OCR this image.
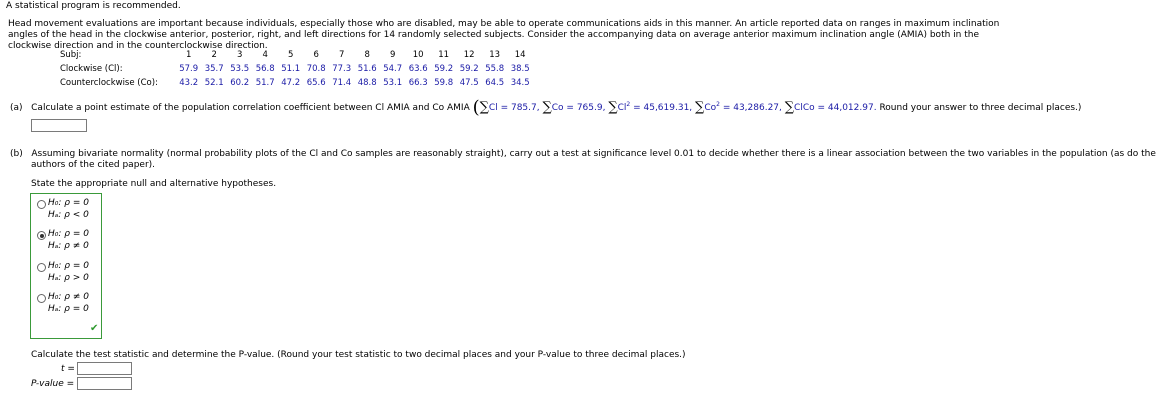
A statistical program is recommended.
Head movement evaluations are important because individuals, especially those who are disabled, may be able to operate communications aids in this manner. An article reported data on ranges in maximum inclination angles of the head in the clockwise anterior, posterior, right, and left directions for 14 randomly selected subjects. Consider the accompanying data on average anterior maximum inclination angle (AMIA) both in the clockwise direction and in the counterclockwise direction.
Subj:	1	2	3	4	5	6	7	8	9	10	11	12	13	14
Clockwise (Cl):	57.9	35.7	53.5	56.8	51.1	70.8	77.3	51.6	54.7	63.6	59.2	59.2	55.8	38.5
Counterclockwise (Co):	43.2	52.1	60.2	51.7	47.2	65.6	71.4	48.8	53.1	66.3	59.8	47.5	64.5	34.5
(a) Calculate a point estimate of the population correlation coefficient between Cl AMIA and Co AMIA (∑Cl = 785.7, ∑Co = 765.9, $\sum Cl^2 = 45,619.31$, $\sum Co^2 = 43,286.27$, ∑ClCo = 44,012.97. Round your answer to three decimal places.)
(b) Assuming bivariate normality (normal probability plots of the Cl and Co samples are reasonably straight), carry out a test at significance level 0.01 to decide whether there is a linear association between the two variables in the population (as do the
authors of the cited paper).
State the appropriate null and alternative hypotheses.
H₀: ρ = 0
Hₐ: ρ < 0
H₀: ρ = 0
Hₐ: ρ ≠ 0
H₀: ρ = 0
Hₐ: ρ > 0
H₀: ρ ≠ 0
Hₐ: ρ = 0
✔
Calculate the test statistic and determine the P-value. (Round your test statistic to two decimal places and your P-value to three decimal places.)
t =
P-value =
